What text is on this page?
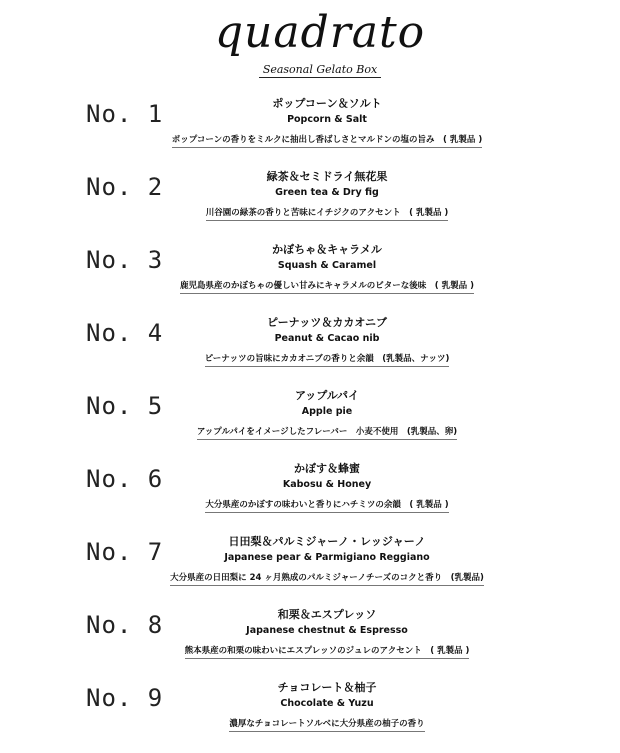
quadrato
Seasonal Gelato Box
No. 1	ポップコーン＆ソルト
Popcorn & Salt
ポップコーンの香りをミルクに抽出し香ばしさとマルドンの塩の旨み　( 乳製品 )
No. 2	緑茶＆セミドライ無花果
Green tea & Dry fig
川谷園の緑茶の香りと苦味にイチジクのアクセント　( 乳製品 )
No. 3	かぼちゃ＆キャラメル
Squash & Caramel
鹿児島県産のかぼちゃの優しい甘みにキャラメルのビターな後味　( 乳製品 )
No. 4	ピーナッツ＆カカオニブ
Peanut & Cacao nib
ピーナッツの旨味にカカオニブの香りと余韻　(乳製品、ナッツ)
No. 5	アップルパイ
Apple pie
アップルパイをイメージしたフレーバー　小麦不使用　(乳製品、卵)
No. 6	かぼす＆蜂蜜
Kabosu & Honey
大分県産のかぼすの味わいと香りにハチミツの余韻　( 乳製品 )
No. 7	日田梨＆パルミジャーノ・レッジャーノ
Japanese pear & Parmigiano Reggiano
大分県産の日田梨に 24 ヶ月熟成のパルミジャーノチーズのコクと香り　(乳製品)
No. 8	和栗＆エスプレッソ
Japanese chestnut & Espresso
熊本県産の和栗の味わいにエスプレッソのジュレのアクセント　( 乳製品 )
No. 9	チョコレート＆柚子
Chocolate & Yuzu
濃厚なチョコレートソルベに大分県産の柚子の香り
